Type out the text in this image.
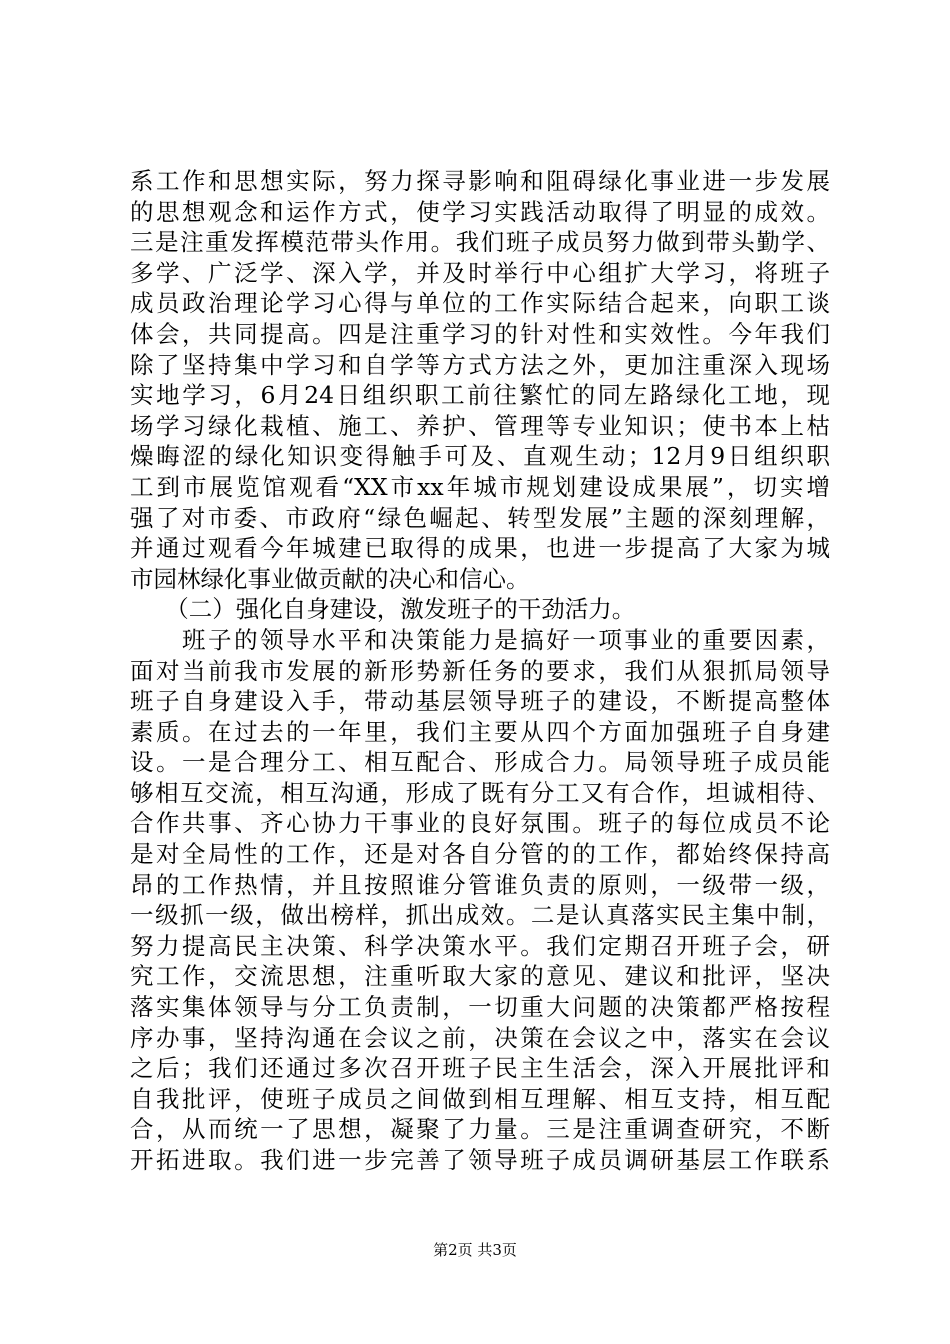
系工作和思想实际，努力探寻影响和阻碍绿化事业进一步发展
的思想观念和运作方式，使学习实践活动取得了明显的成效。
三是注重发挥模范带头作用。我们班子成员努力做到带头勤学、
多学、广泛学、深入学，并及时举行中心组扩大学习，将班子
成员政治理论学习心得与单位的工作实际结合起来，向职工谈
体会，共同提高。四是注重学习的针对性和实效性。今年我们
除了坚持集中学习和自学等方式方法之外，更加注重深入现场
实地学习，6月24日组织职工前往繁忙的同左路绿化工地，现
场学习绿化栽植、施工、养护、管理等专业知识；使书本上枯
燥晦涩的绿化知识变得触手可及、直观生动；12月9日组织职
工到市展览馆观看“XX市xx年城市规划建设成果展”，切实增
强了对市委、市政府“绿色崛起、转型发展”主题的深刻理解，
并通过观看今年城建已取得的成果，也进一步提高了大家为城
市园林绿化事业做贡献的决心和信心。
　　（二）强化自身建设，激发班子的干劲活力。
　　班子的领导水平和决策能力是搞好一项事业的重要因素，
面对当前我市发展的新形势新任务的要求，我们从狠抓局领导
班子自身建设入手，带动基层领导班子的建设，不断提高整体
素质。在过去的一年里，我们主要从四个方面加强班子自身建
设。一是合理分工、相互配合、形成合力。局领导班子成员能
够相互交流，相互沟通，形成了既有分工又有合作，坦诚相待、
合作共事、齐心协力干事业的良好氛围。班子的每位成员不论
是对全局性的工作，还是对各自分管的的工作，都始终保持高
昂的工作热情，并且按照谁分管谁负责的原则，一级带一级，
一级抓一级，做出榜样，抓出成效。二是认真落实民主集中制，
努力提高民主决策、科学决策水平。我们定期召开班子会，研
究工作，交流思想，注重听取大家的意见、建议和批评，坚决
落实集体领导与分工负责制，一切重大问题的决策都严格按程
序办事，坚持沟通在会议之前，决策在会议之中，落实在会议
之后；我们还通过多次召开班子民主生活会，深入开展批评和
自我批评，使班子成员之间做到相互理解、相互支持，相互配
合，从而统一了思想，凝聚了力量。三是注重调查研究，不断
开拓进取。我们进一步完善了领导班子成员调研基层工作联系
第2页 共3页
